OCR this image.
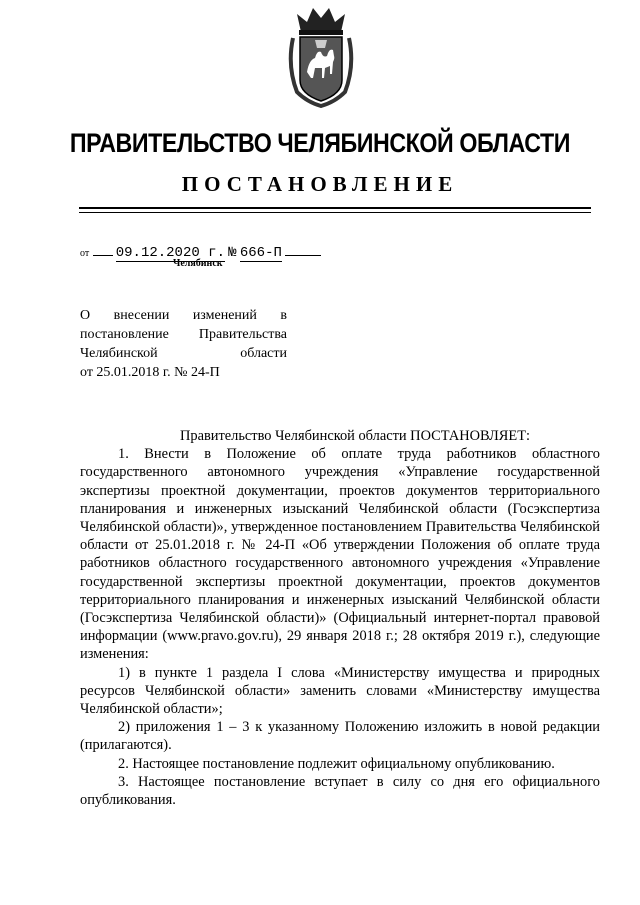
ПРАВИТЕЛЬСТВО ЧЕЛЯБИНСКОЙ ОБЛАСТИ
ПОСТАНОВЛЕНИЕ
от 09.12.2020 г. № 666-П
Челябинск
О внесении изменений в
постановление Правительства
Челябинской области
от 25.01.2018 г. № 24-П

Правительство Челябинской области ПОСТАНОВЛЯЕТ:

1. Внести в Положение об оплате труда работников областного государственного автономного учреждения «Управление государственной экспертизы проектной документации, проектов документов территориального планирования и инженерных изысканий Челябинской области (Госэкспертиза Челябинской области)», утвержденное постановлением Правительства Челябинской области от 25.01.2018 г. № 24-П «Об утверждении Положения об оплате труда работников областного государственного автономного учреждения «Управление государственной экспертизы проектной документации, проектов документов территориального планирования и инженерных изысканий Челябинской области (Госэкспертиза Челябинской области)» (Официальный интернет-портал правовой информации (www.pravo.gov.ru), 29 января 2018 г.; 28 октября 2019 г.), следующие изменения:

1) в пункте 1 раздела I слова «Министерству имущества и природных ресурсов Челябинской области» заменить словами «Министерству имущества Челябинской области»;

2) приложения 1 – 3 к указанному Положению изложить в новой редакции (прилагаются).

2. Настоящее постановление подлежит официальному опубликованию.

3. Настоящее постановление вступает в силу со дня его официального опубликования.
